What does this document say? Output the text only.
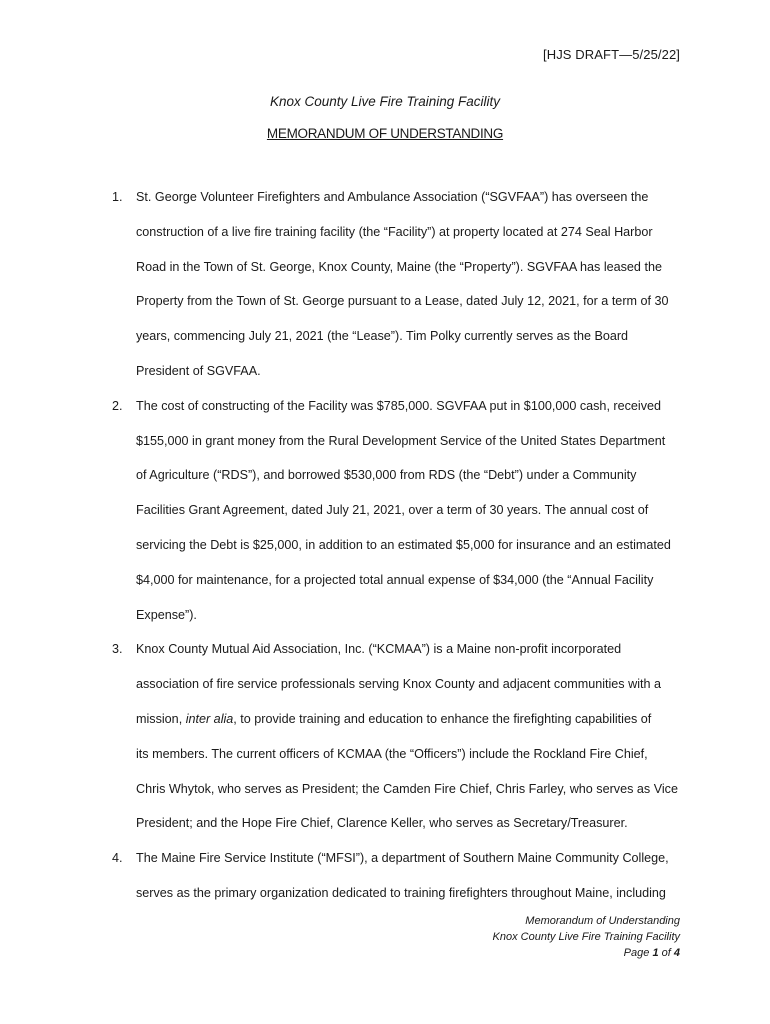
[HJS DRAFT—5/25/22]
Knox County Live Fire Training Facility
MEMORANDUM OF UNDERSTANDING
1. St. George Volunteer Firefighters and Ambulance Association (“SGVFAA”) has overseen the
construction of a live fire training facility (the “Facility”) at property located at 274 Seal Harbor
Road in the Town of St. George, Knox County, Maine (the “Property”). SGVFAA has leased the
Property from the Town of St. George pursuant to a Lease, dated July 12, 2021, for a term of 30
years, commencing July 21, 2021 (the “Lease”). Tim Polky currently serves as the Board
President of SGVFAA.
2. The cost of constructing of the Facility was $785,000. SGVFAA put in $100,000 cash, received
$155,000 in grant money from the Rural Development Service of the United States Department
of Agriculture (“RDS”), and borrowed $530,000 from RDS (the “Debt”) under a Community
Facilities Grant Agreement, dated July 21, 2021, over a term of 30 years. The annual cost of
servicing the Debt is $25,000, in addition to an estimated $5,000 for insurance and an estimated
$4,000 for maintenance, for a projected total annual expense of $34,000 (the “Annual Facility
Expense”).
3. Knox County Mutual Aid Association, Inc. (“KCMAA”) is a Maine non-profit incorporated
association of fire service professionals serving Knox County and adjacent communities with a
mission, inter alia, to provide training and education to enhance the firefighting capabilities of
its members. The current officers of KCMAA (the “Officers”) include the Rockland Fire Chief,
Chris Whytok, who serves as President; the Camden Fire Chief, Chris Farley, who serves as Vice
President; and the Hope Fire Chief, Clarence Keller, who serves as Secretary/Treasurer.
4. The Maine Fire Service Institute (“MFSI”), a department of Southern Maine Community College,
serves as the primary organization dedicated to training firefighters throughout Maine, including
Memorandum of Understanding
Knox County Live Fire Training Facility
Page 1 of 4
